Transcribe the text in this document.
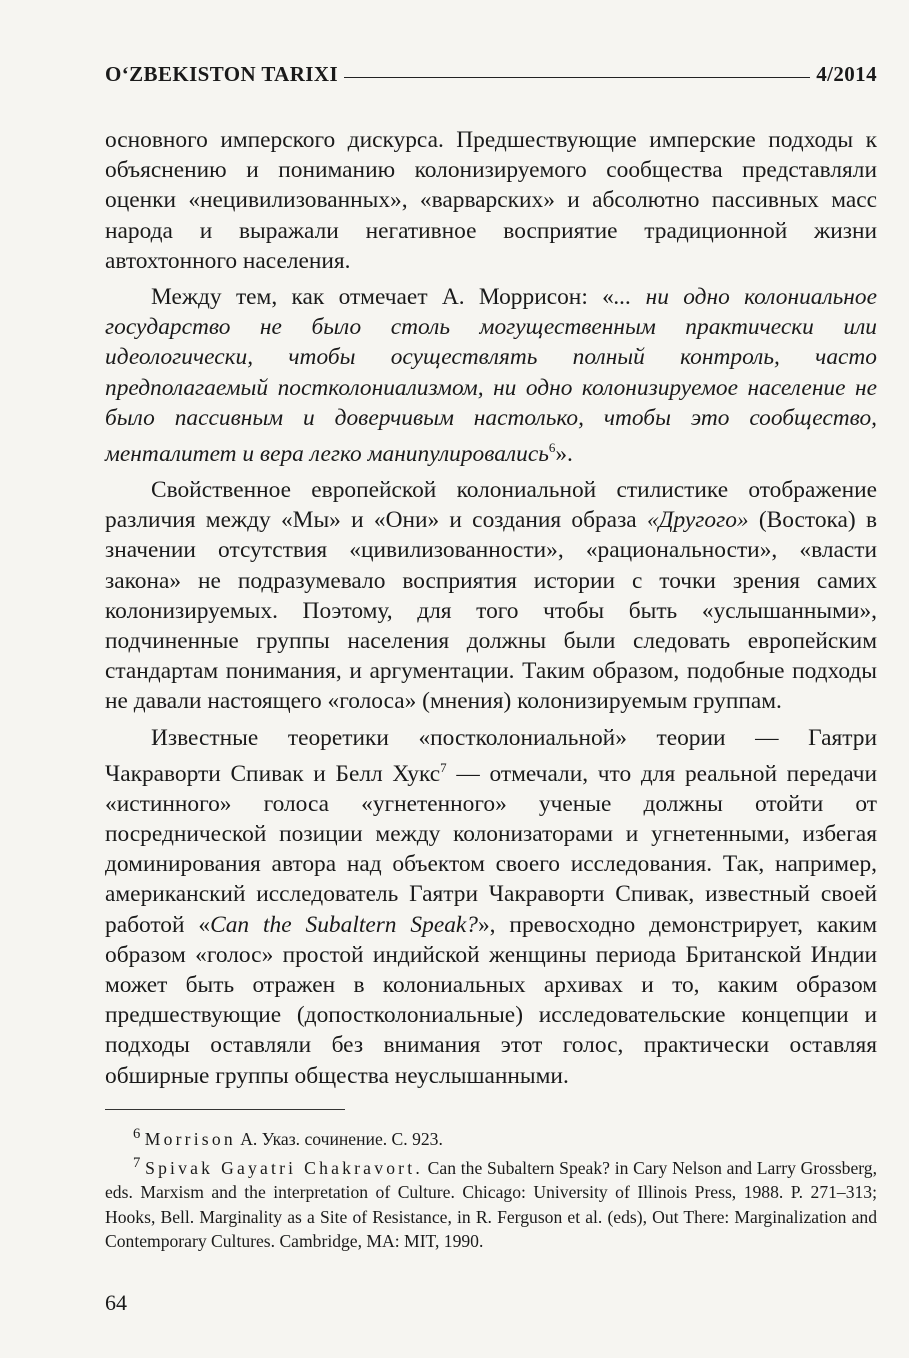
O‘ZBEKISTON TARIXI	4/2014

основного имперского дискурса. Предшествующие имперские подходы к объяснению и пониманию колонизируемого сообщества представляли оценки «нецивилизованных», «варварских» и абсолютно пассивных масс народа и выражали негативное восприятие традиционной жизни автохтонного населения.

Между тем, как отмечает А. Моррисон: «... ни одно колониальное государство не было столь могущественным практически или идеологически, чтобы осуществлять полный контроль, часто предполагаемый постколониализмом, ни одно колонизируемое население не было пассивным и доверчивым настолько, чтобы это сообщество, менталитет и вера легко манипулировались$^6$».

Свойственное европейской колониальной стилистике отображение различия между «Мы» и «Они» и создания образа «Другого» (Востока) в значении отсутствия «цивилизованности», «рациональности», «власти закона» не подразумевало восприятия истории с точки зрения самих колонизируемых. Поэтому, для того чтобы быть «услышанными», подчиненные группы населения должны были следовать европейским стандартам понимания, и аргументации. Таким образом, подобные подходы не давали настоящего «голоса» (мнения) колонизируемым группам.

Известные теоретики «постколониальной» теории — Гаятри Чакраворти Спивак и Белл Хукс$^7$ — отмечали, что для реальной передачи «истинного» голоса «угнетенного» ученые должны отойти от посреднической позиции между колонизаторами и угнетенными, избегая доминирования автора над объектом своего исследования. Так, например, американский исследователь Гаятри Чакраворти Спивак, известный своей работой «Can the Subaltern Speak?», превосходно демонстрирует, каким образом «голос» простой индийской женщины периода Британской Индии может быть отражен в колониальных архивах и то, каким образом предшествующие (допостколониальные) исследовательские концепции и подходы оставляли без внимания этот голос, практически оставляя обширные группы общества неуслышанными.

$^6$ Morrison А. Указ. сочинение. С. 923.

$^7$ Spivak Gayatri Chakravort. Can the Subaltern Speak? in Cary Nelson and Larry Grossberg, eds. Marxism and the interpretation of Culture. Chicago: University of Illinois Press, 1988. P. 271–313; Hooks, Bell. Marginality as a Site of Resistance, in R. Ferguson et al. (eds), Out There: Marginalization and Contemporary Cultures. Cambridge, MA: MIT, 1990.

64
